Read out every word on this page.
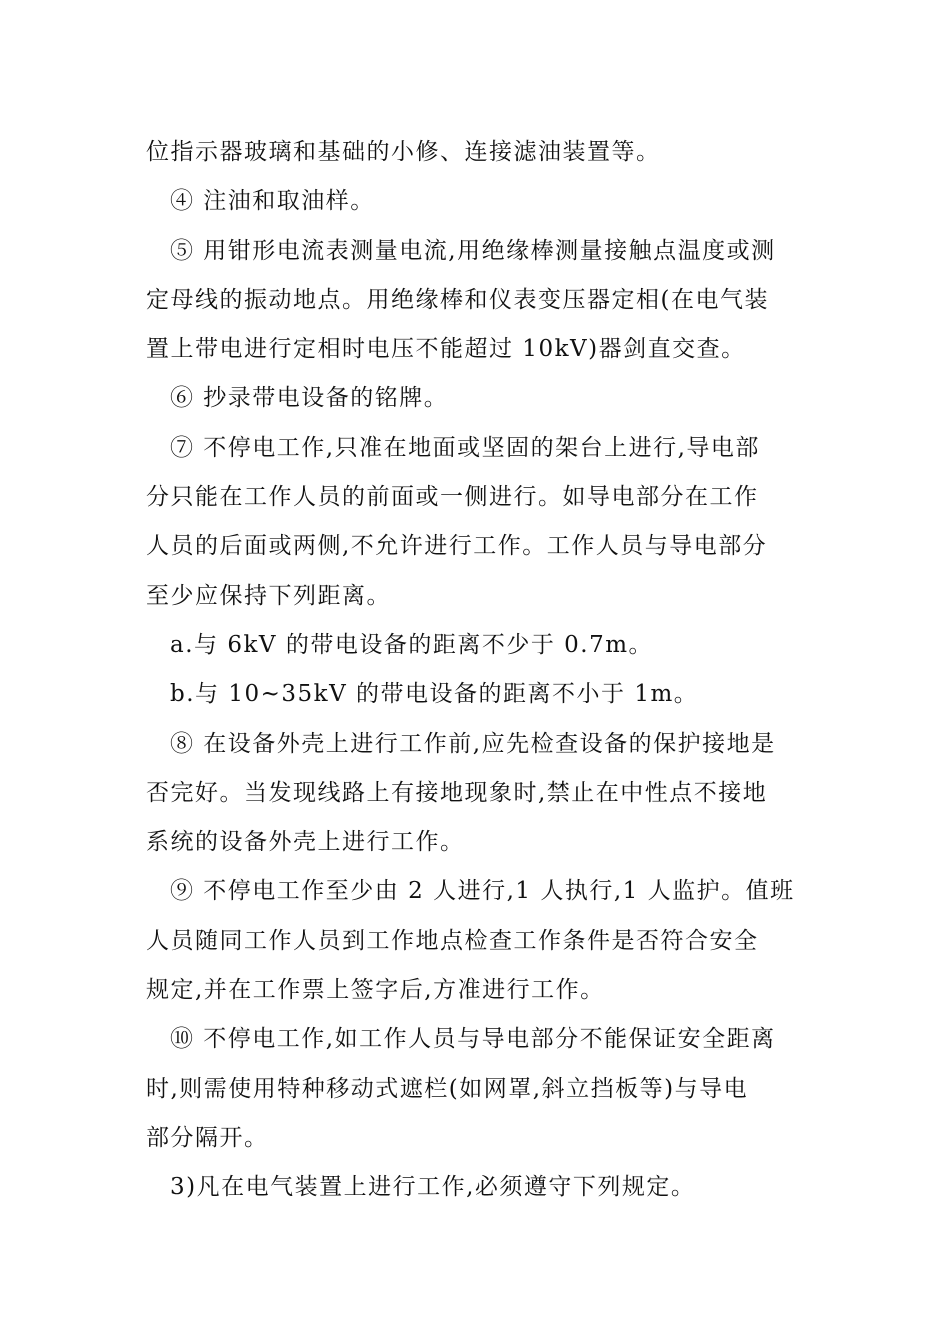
位指示器玻璃和基础的小修、连接滤油装置等。
④ 注油和取油样。
⑤ 用钳形电流表测量电流,用绝缘棒测量接触点温度或测
定母线的振动地点。用绝缘棒和仪表变压器定相(在电气装
置上带电进行定相时电压不能超过 10kV)器剑直交查。
⑥ 抄录带电设备的铭牌。
⑦ 不停电工作,只准在地面或坚固的架台上进行,导电部
分只能在工作人员的前面或一侧进行。如导电部分在工作
人员的后面或两侧,不允许进行工作。工作人员与导电部分
至少应保持下列距离。
a.与 6kV 的带电设备的距离不少于 0.7m。
b.与 10~35kV 的带电设备的距离不小于 1m。
⑧ 在设备外壳上进行工作前,应先检查设备的保护接地是
否完好。当发现线路上有接地现象时,禁止在中性点不接地
系统的设备外壳上进行工作。
⑨ 不停电工作至少由 2 人进行,1 人执行,1 人监护。值班
人员随同工作人员到工作地点检查工作条件是否符合安全
规定,并在工作票上签字后,方准进行工作。
⑩ 不停电工作,如工作人员与导电部分不能保证安全距离
时,则需使用特种移动式遮栏(如网罩,斜立挡板等)与导电
部分隔开。
3)凡在电气装置上进行工作,必须遵守下列规定。
